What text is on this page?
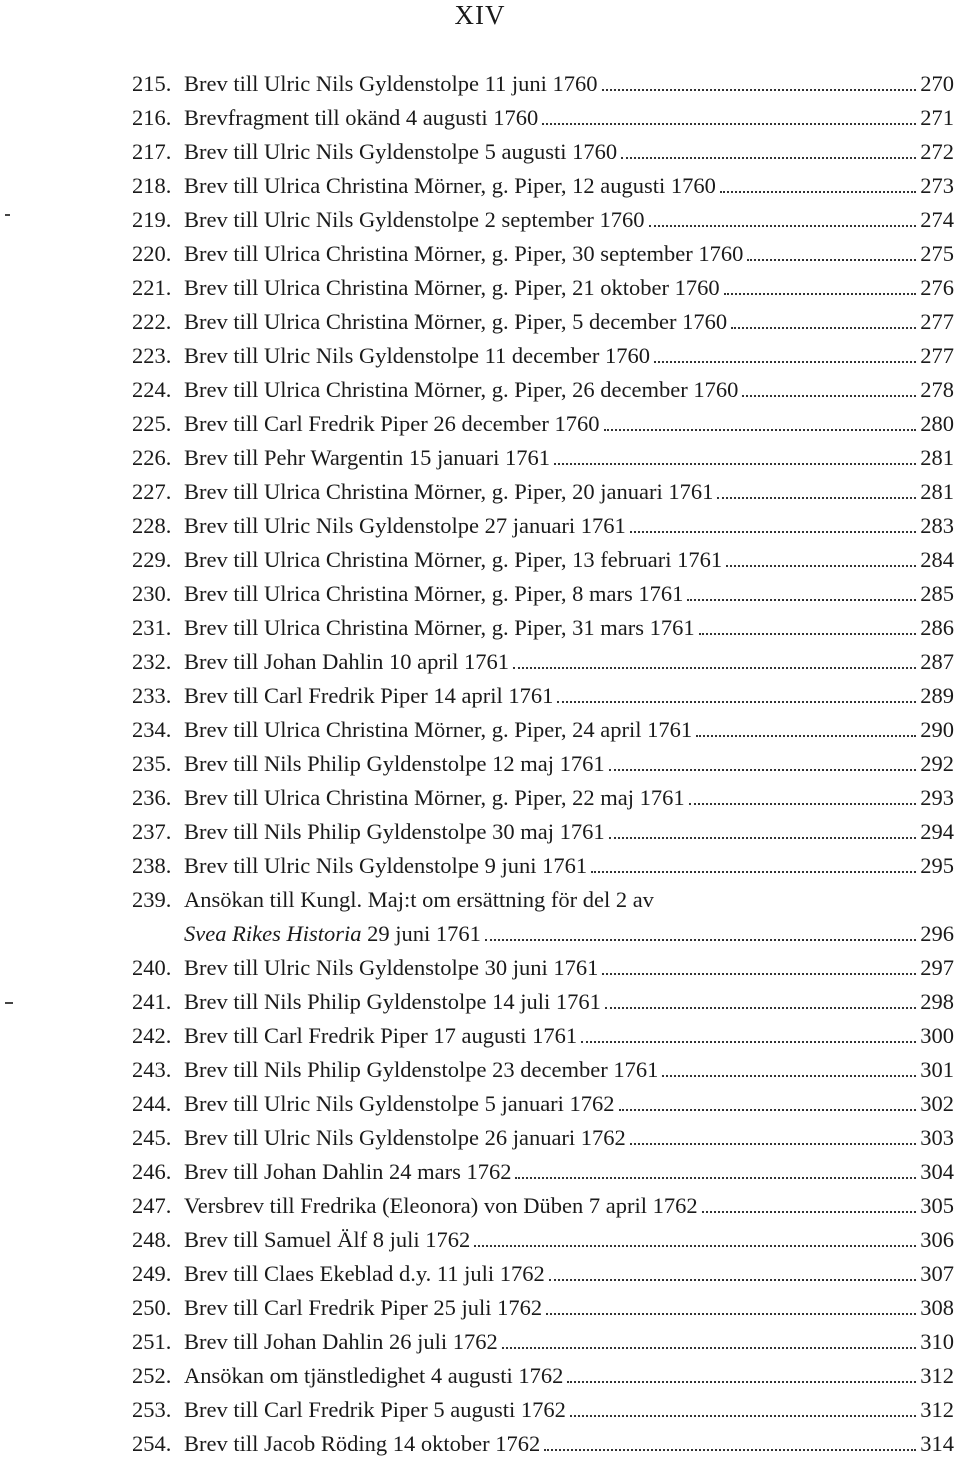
XIV
215. Brev till Ulric Nils Gyldenstolpe 11 juni 1760	270
216. Brevfragment till okänd 4 augusti 1760	271
217. Brev till Ulric Nils Gyldenstolpe 5 augusti 1760	272
218. Brev till Ulrica Christina Mörner, g. Piper, 12 augusti 1760	273
219. Brev till Ulric Nils Gyldenstolpe 2 september 1760	274
220. Brev till Ulrica Christina Mörner, g. Piper, 30 september 1760	275
221. Brev till Ulrica Christina Mörner, g. Piper, 21 oktober 1760	276
222. Brev till Ulrica Christina Mörner, g. Piper, 5 december 1760	277
223. Brev till Ulric Nils Gyldenstolpe 11 december 1760	277
224. Brev till Ulrica Christina Mörner, g. Piper, 26 december 1760	278
225. Brev till Carl Fredrik Piper 26 december 1760	280
226. Brev till Pehr Wargentin 15 januari 1761	281
227. Brev till Ulrica Christina Mörner, g. Piper, 20 januari 1761	281
228. Brev till Ulric Nils Gyldenstolpe 27 januari 1761	283
229. Brev till Ulrica Christina Mörner, g. Piper, 13 februari 1761	284
230. Brev till Ulrica Christina Mörner, g. Piper, 8 mars 1761	285
231. Brev till Ulrica Christina Mörner, g. Piper, 31 mars 1761	286
232. Brev till Johan Dahlin 10 april 1761	287
233. Brev till Carl Fredrik Piper 14 april 1761	289
234. Brev till Ulrica Christina Mörner, g. Piper, 24 april 1761	290
235. Brev till Nils Philip Gyldenstolpe 12 maj 1761	292
236. Brev till Ulrica Christina Mörner, g. Piper, 22 maj 1761	293
237. Brev till Nils Philip Gyldenstolpe 30 maj 1761	294
238. Brev till Ulric Nils Gyldenstolpe 9 juni 1761	295
239. Ansökan till Kungl. Maj:t om ersättning för del 2 av
Svea Rikes Historia 29 juni 1761	296
240. Brev till Ulric Nils Gyldenstolpe 30 juni 1761	297
241. Brev till Nils Philip Gyldenstolpe 14 juli 1761	298
242. Brev till Carl Fredrik Piper 17 augusti 1761	300
243. Brev till Nils Philip Gyldenstolpe 23 december 1761	301
244. Brev till Ulric Nils Gyldenstolpe 5 januari 1762	302
245. Brev till Ulric Nils Gyldenstolpe 26 januari 1762	303
246. Brev till Johan Dahlin 24 mars 1762	304
247. Versbrev till Fredrika (Eleonora) von Düben 7 april 1762	305
248. Brev till Samuel Älf 8 juli 1762	306
249. Brev till Claes Ekeblad d.y. 11 juli 1762	307
250. Brev till Carl Fredrik Piper 25 juli 1762	308
251. Brev till Johan Dahlin 26 juli 1762	310
252. Ansökan om tjänstledighet 4 augusti 1762	312
253. Brev till Carl Fredrik Piper 5 augusti 1762	312
254. Brev till Jacob Röding 14 oktober 1762	314
